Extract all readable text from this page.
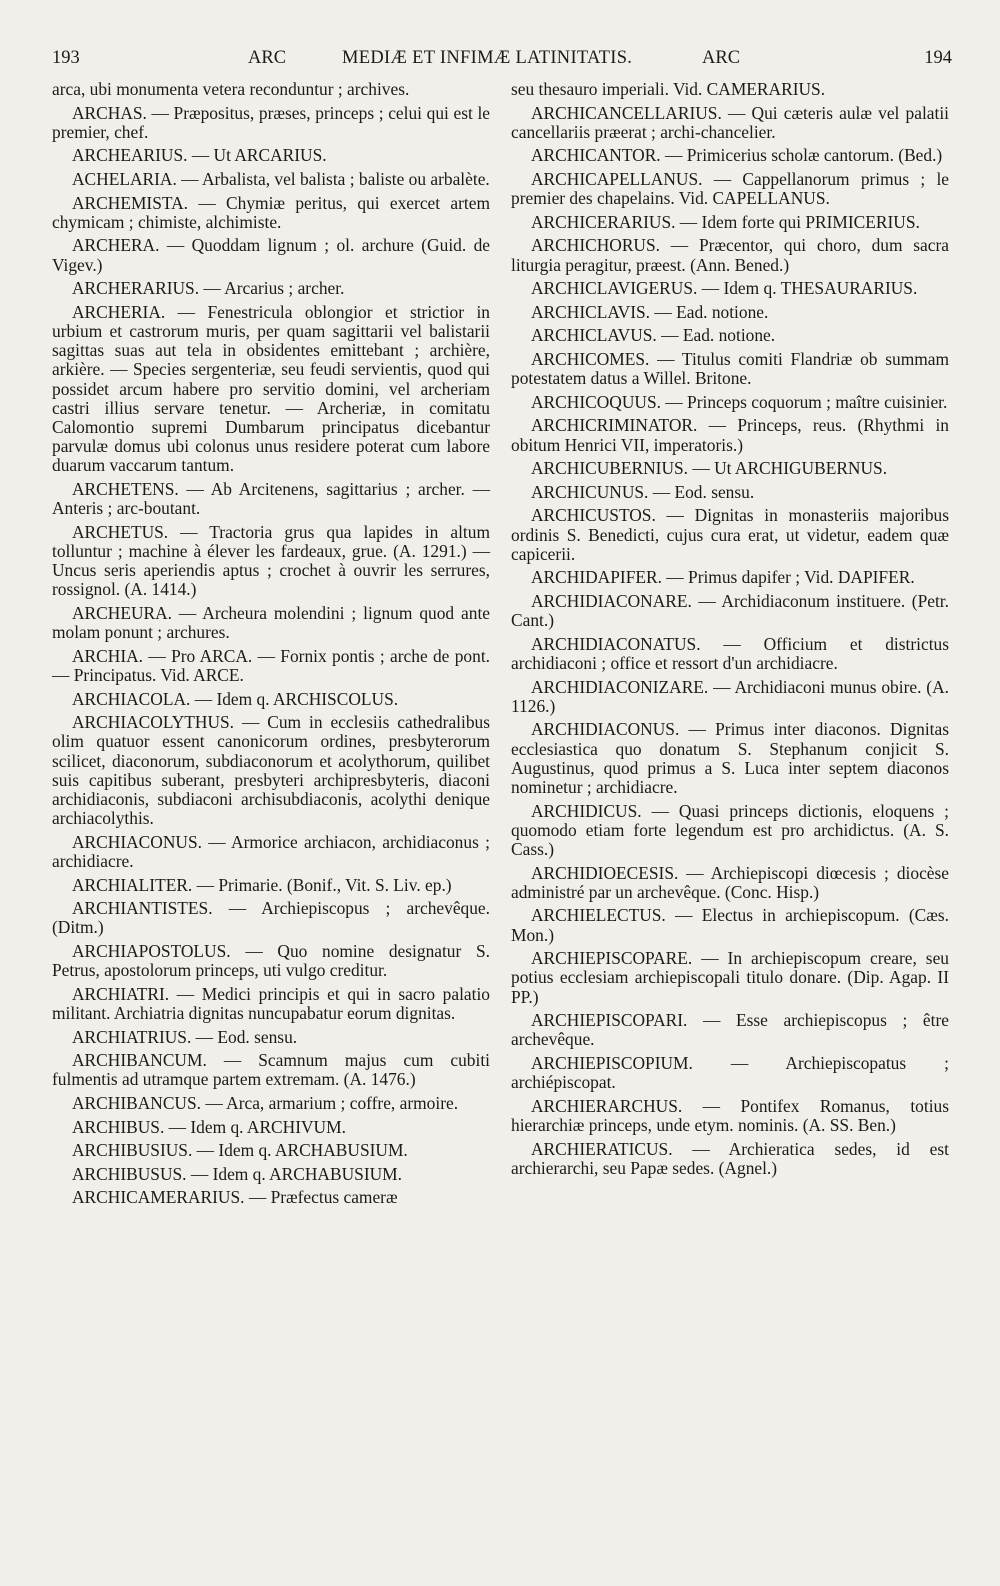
193	ARC	MEDIÆ ET INFIMÆ LATINITATIS.	ARC	194

arca, ubi monumenta vetera reconduntur ; archives.

ARCHAS. — Præpositus, præses, princeps ; celui qui est le premier, chef.

ARCHEARIUS. — Ut ARCARIUS.

ACHELARIA. — Arbalista, vel balista ; baliste ou arbalète.

ARCHEMISTA. — Chymiæ peritus, qui exercet artem chymicam ; chimiste, alchimiste.

ARCHERA. — Quoddam lignum ; ol. archure (Guid. de Vigev.)

ARCHERARIUS. — Arcarius ; archer.

ARCHERIA. — Fenestricula oblongior et strictior in urbium et castrorum muris, per quam sagittarii vel balistarii sagittas suas aut tela in obsidentes emittebant ; archière, arkière. — Species sergenteriæ, seu feudi servientis, quod qui possidet arcum habere pro servitio domini, vel archeriam castri illius servare tenetur. — Archeriæ, in comitatu Calomontio supremi Dumbarum principatus dicebantur parvulæ domus ubi colonus unus residere poterat cum labore duarum vaccarum tantum.

ARCHETENS. — Ab Arcitenens, sagittarius ; archer. — Anteris ; arc-boutant.

ARCHETUS. — Tractoria grus qua lapides in altum tolluntur ; machine à élever les fardeaux, grue. (A. 1291.) — Uncus seris aperiendis aptus ; crochet à ouvrir les serrures, rossignol. (A. 1414.)

ARCHEURA. — Archeura molendini ; lignum quod ante molam ponunt ; archures.

ARCHIA. — Pro ARCA. — Fornix pontis ; arche de pont. — Principatus. Vid. ARCE.

ARCHIACOLA. — Idem q. ARCHISCOLUS.

ARCHIACOLYTHUS. — Cum in ecclesiis cathedralibus olim quatuor essent canonicorum ordines, presbyterorum scilicet, diaconorum, subdiaconorum et acolythorum, quilibet suis capitibus suberant, presbyteri archipresbyteris, diaconi archidiaconis, subdiaconi archisubdiaconis, acolythi denique archiacolythis.

ARCHIACONUS. — Armorice archiacon, archidiaconus ; archidiacre.

ARCHIALITER. — Primarie. (Bonif., Vit. S. Liv. ep.)

ARCHIANTISTES. — Archiepiscopus ; archevêque. (Ditm.)

ARCHIAPOSTOLUS. — Quo nomine designatur S. Petrus, apostolorum princeps, uti vulgo creditur.

ARCHIATRI. — Medici principis et qui in sacro palatio militant. Archiatria dignitas nuncupabatur eorum dignitas.

ARCHIATRIUS. — Eod. sensu.

ARCHIBANCUM. — Scamnum majus cum cubiti fulmentis ad utramque partem extremam. (A. 1476.)

ARCHIBANCUS. — Arca, armarium ; coffre, armoire.

ARCHIBUS. — Idem q. ARCHIVUM.

ARCHIBUSIUS. — Idem q. ARCHABUSIUM.

ARCHIBUSUS. — Idem q. ARCHABUSIUM.

ARCHICAMERARIUS. — Præfectus cameræ

seu thesauro imperiali. Vid. CAMERARIUS.

ARCHICANCELLARIUS. — Qui cæteris aulæ vel palatii cancellariis præerat ; archi-chancelier.

ARCHICANTOR. — Primicerius scholæ cantorum. (Bed.)

ARCHICAPELLANUS. — Cappellanorum primus ; le premier des chapelains. Vid. CAPELLANUS.

ARCHICERARIUS. — Idem forte qui PRIMICERIUS.

ARCHICHORUS. — Præcentor, qui choro, dum sacra liturgia peragitur, præest. (Ann. Bened.)

ARCHICLAVIGERUS. — Idem q. THESAURARIUS.

ARCHICLAVIS. — Ead. notione.

ARCHICLAVUS. — Ead. notione.

ARCHICOMES. — Titulus comiti Flandriæ ob summam potestatem datus a Willel. Britone.

ARCHICOQUUS. — Princeps coquorum ; maître cuisinier.

ARCHICRIMINATOR. — Princeps, reus. (Rhythmi in obitum Henrici VII, imperatoris.)

ARCHICUBERNIUS. — Ut ARCHIGUBERNUS.

ARCHICUNUS. — Eod. sensu.

ARCHICUSTOS. — Dignitas in monasteriis majoribus ordinis S. Benedicti, cujus cura erat, ut videtur, eadem quæ capicerii.

ARCHIDAPIFER. — Primus dapifer ; Vid. DAPIFER.

ARCHIDIACONARE. — Archidiaconum instituere. (Petr. Cant.)

ARCHIDIACONATUS. — Officium et districtus archidiaconi ; office et ressort d'un archidiacre.

ARCHIDIACONIZARE. — Archidiaconi munus obire. (A. 1126.)

ARCHIDIACONUS. — Primus inter diaconos. Dignitas ecclesiastica quo donatum S. Stephanum conjicit S. Augustinus, quod primus a S. Luca inter septem diaconos nominetur ; archidiacre.

ARCHIDICUS. — Quasi princeps dictionis, eloquens ; quomodo etiam forte legendum est pro archidictus. (A. S. Cass.)

ARCHIDIOECESIS. — Archiepiscopi diœcesis ; diocèse administré par un archevêque. (Conc. Hisp.)

ARCHIELECTUS. — Electus in archiepiscopum. (Cæs. Mon.)

ARCHIEPISCOPARE. — In archiepiscopum creare, seu potius ecclesiam archiepiscopali titulo donare. (Dip. Agap. II PP.)

ARCHIEPISCOPARI. — Esse archiepiscopus ; être archevêque.

ARCHIEPISCOPIUM. — Archiepiscopatus ; archiépiscopat.

ARCHIERARCHUS. — Pontifex Romanus, totius hierarchiæ princeps, unde etym. nominis. (A. SS. Ben.)

ARCHIERATICUS. — Archieratica sedes, id est archierarchi, seu Papæ sedes. (Agnel.)
